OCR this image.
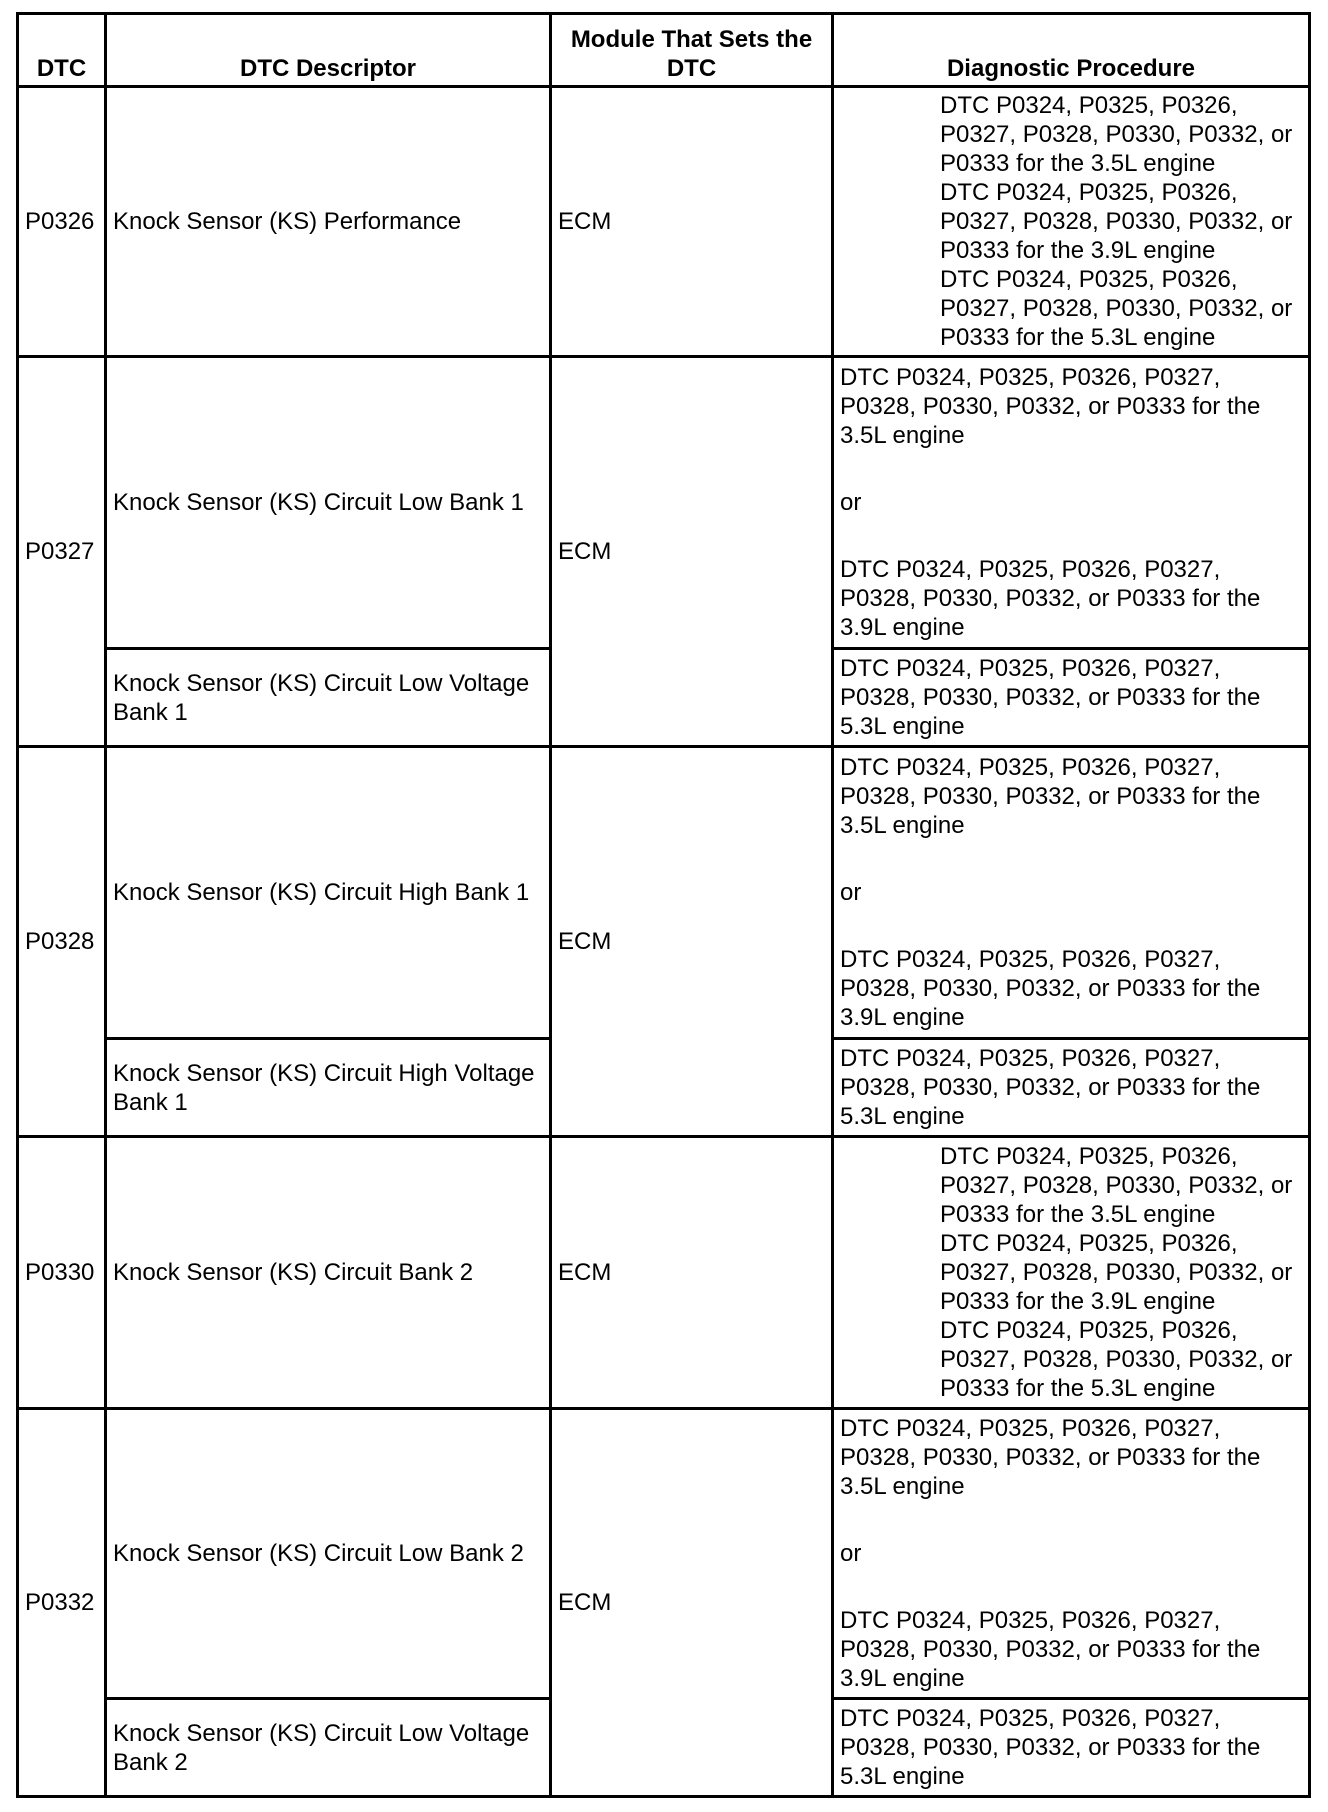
DTC	DTC Descriptor	Module That Sets the DTC	Diagnostic Procedure
P0326	Knock Sensor (KS) Performance	ECM	DTC P0324, P0325, P0326, P0327, P0328, P0330, P0332, or P0333 for the 3.5L engine
DTC P0324, P0325, P0326, P0327, P0328, P0330, P0332, or P0333 for the 3.9L engine
DTC P0324, P0325, P0326, P0327, P0328, P0330, P0332, or P0333 for the 5.3L engine

P0327	Knock Sensor (KS) Circuit Low Bank 1	ECM	DTC P0324, P0325, P0326, P0327, P0328, P0330, P0332, or P0333 for the 3.5L engine
or
DTC P0324, P0325, P0326, P0327, P0328, P0330, P0332, or P0333 for the 3.9L engine

	Knock Sensor (KS) Circuit Low Voltage Bank 1		DTC P0324, P0325, P0326, P0327, P0328, P0330, P0332, or P0333 for the 5.3L engine

P0328	Knock Sensor (KS) Circuit High Bank 1	ECM	DTC P0324, P0325, P0326, P0327, P0328, P0330, P0332, or P0333 for the 3.5L engine
or
DTC P0324, P0325, P0326, P0327, P0328, P0330, P0332, or P0333 for the 3.9L engine

	Knock Sensor (KS) Circuit High Voltage Bank 1		DTC P0324, P0325, P0326, P0327, P0328, P0330, P0332, or P0333 for the 5.3L engine

P0330	Knock Sensor (KS) Circuit Bank 2	ECM	DTC P0324, P0325, P0326, P0327, P0328, P0330, P0332, or P0333 for the 3.5L engine
DTC P0324, P0325, P0326, P0327, P0328, P0330, P0332, or P0333 for the 3.9L engine
DTC P0324, P0325, P0326, P0327, P0328, P0330, P0332, or P0333 for the 5.3L engine

P0332	Knock Sensor (KS) Circuit Low Bank 2	ECM	DTC P0324, P0325, P0326, P0327, P0328, P0330, P0332, or P0333 for the 3.5L engine
or
DTC P0324, P0325, P0326, P0327, P0328, P0330, P0332, or P0333 for the 3.9L engine

	Knock Sensor (KS) Circuit Low Voltage Bank 2		DTC P0324, P0325, P0326, P0327, P0328, P0330, P0332, or P0333 for the 5.3L engine
